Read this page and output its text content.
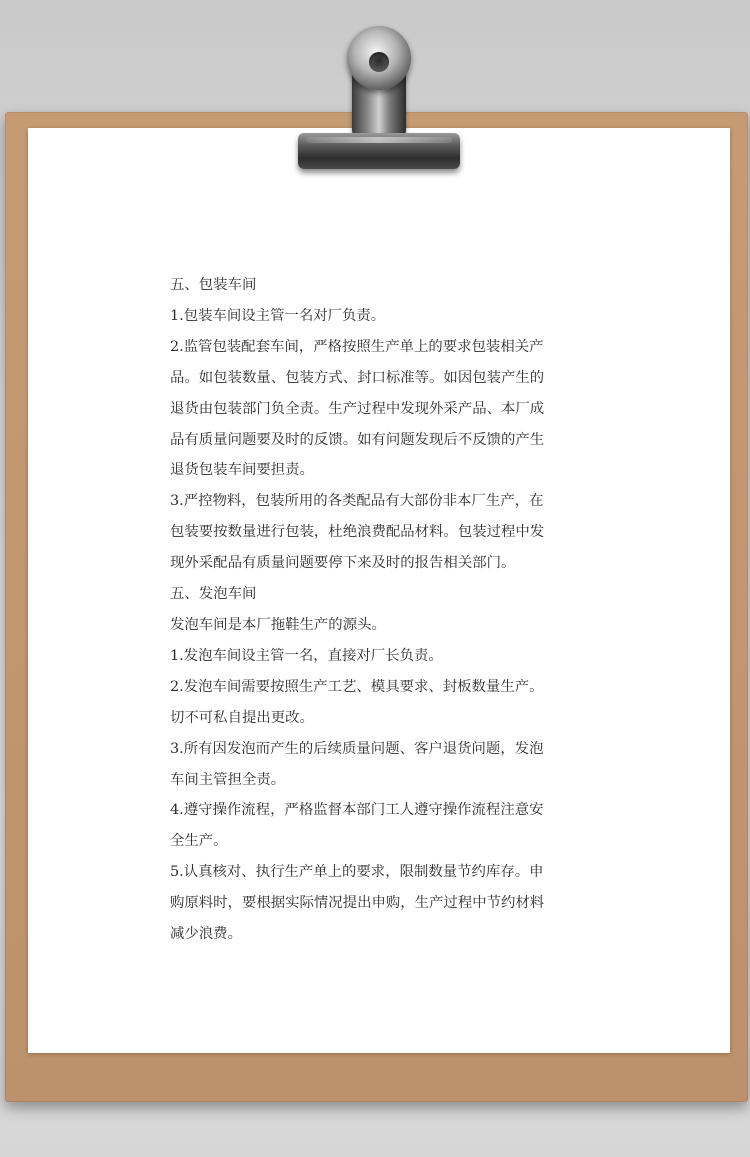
五、包装车间

1.包装车间设主管一名对厂负责。

2.监管包装配套车间，严格按照生产单上的要求包装相关产

品。如包装数量、包装方式、封口标准等。如因包装产生的

退货由包装部门负全责。生产过程中发现外采产品、本厂成

品有质量问题要及时的反馈。如有问题发现后不反馈的产生

退货包装车间要担责。

3.严控物料，包装所用的各类配品有大部份非本厂生产，在

包装要按数量进行包装，杜绝浪费配品材料。包装过程中发

现外采配品有质量问题要停下来及时的报告相关部门。

五、发泡车间

发泡车间是本厂拖鞋生产的源头。

1.发泡车间设主管一名，直接对厂长负责。

2.发泡车间需要按照生产工艺、模具要求、封板数量生产。

切不可私自提出更改。

3.所有因发泡而产生的后续质量问题、客户退货问题，发泡

车间主管担全责。

4.遵守操作流程，严格监督本部门工人遵守操作流程注意安

全生产。

5.认真核对、执行生产单上的要求，限制数量节约库存。申

购原料时，要根据实际情况提出申购，生产过程中节约材料

减少浪费。
